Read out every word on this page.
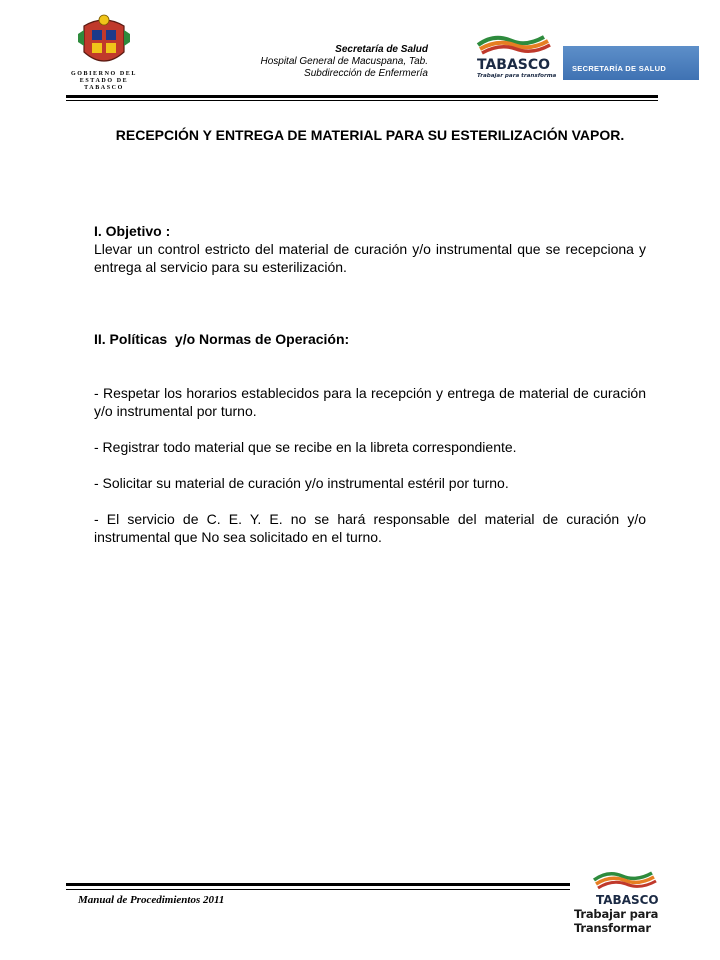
GOBIERNO DEL
ESTADO DE
TABASCO
Secretaría de Salud
Hospital General de Macuspana, Tab.
Subdirección de Enfermería
TABASCO
Trabajar para transformar
SECRETARÍA DE SALUD
RECEPCIÓN Y ENTREGA DE MATERIAL PARA SU ESTERILIZACIÓN VAPOR.

I. Objetivo :

Llevar un control estricto del material de curación y/o instrumental que se recepciona y entrega al servicio para su esterilización.

II. Políticas  y/o Normas de Operación:

- Respetar los horarios establecidos para la recepción y entrega de material de curación y/o instrumental por turno.

- Registrar todo material que se recibe en la libreta correspondiente.

- Solicitar su material de curación y/o instrumental estéril por turno.

- El servicio de C. E. Y. E. no se hará responsable del material de curación y/o instrumental que No sea solicitado en el turno.

Manual de Procedimientos 2011	TABASCO
Trabajar para Transformar
